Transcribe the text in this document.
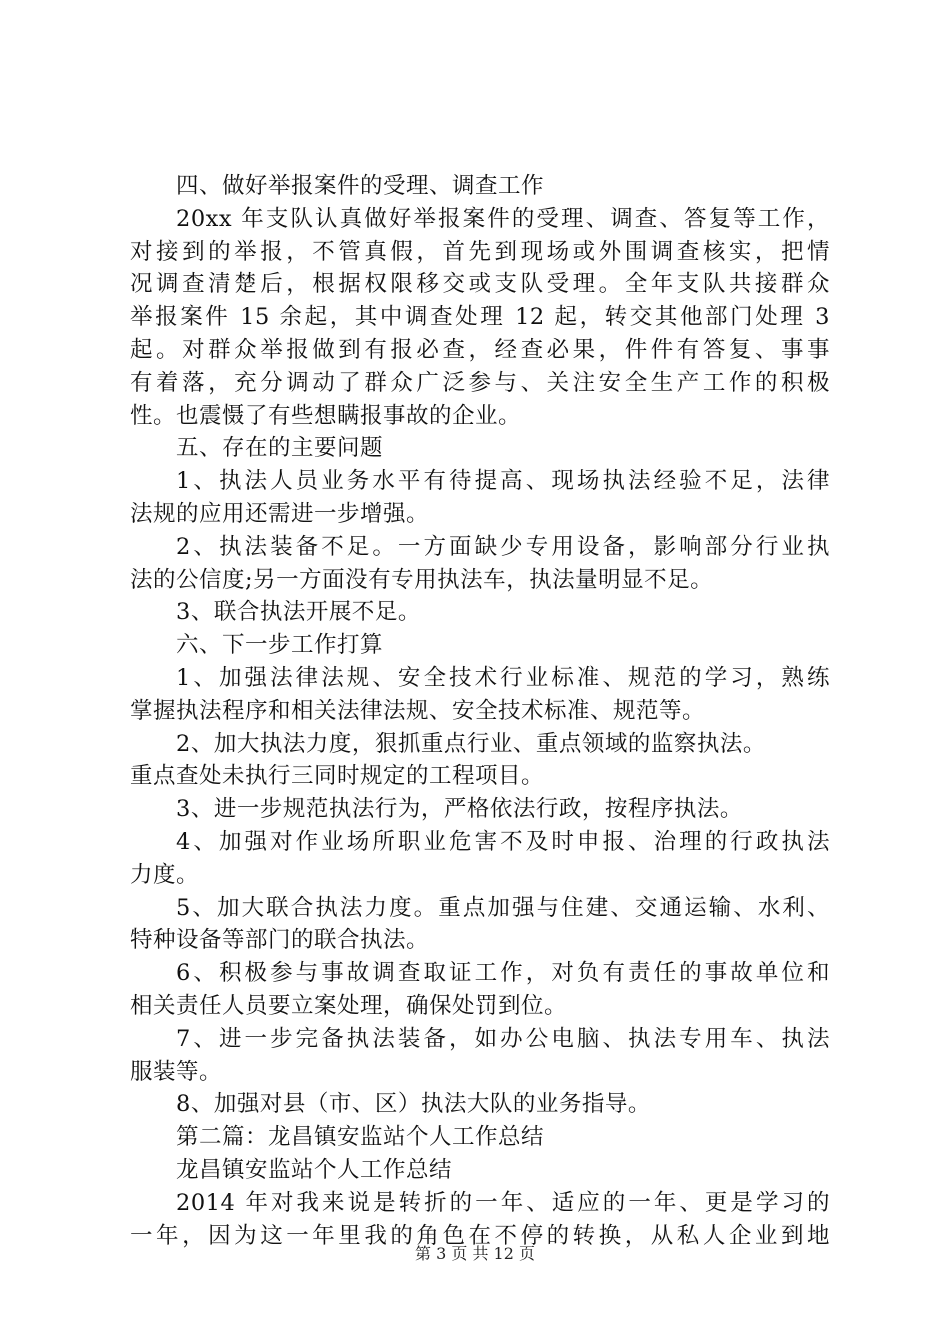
四、做好举报案件的受理、调查工作
20xx 年支队认真做好举报案件的受理、调查、答复等工作，
对接到的举报，不管真假，首先到现场或外围调查核实，把情
况调查清楚后，根据权限移交或支队受理。全年支队共接群众
举报案件 15 余起，其中调查处理 12 起，转交其他部门处理 3
起。对群众举报做到有报必查，经查必果，件件有答复、事事
有着落，充分调动了群众广泛参与、关注安全生产工作的积极
性。也震慑了有些想瞒报事故的企业。
五、存在的主要问题
1、执法人员业务水平有待提高、现场执法经验不足，法律
法规的应用还需进一步增强。
2、执法装备不足。一方面缺少专用设备，影响部分行业执
法的公信度;另一方面没有专用执法车，执法量明显不足。
3、联合执法开展不足。
六、下一步工作打算
1、加强法律法规、安全技术行业标准、规范的学习，熟练
掌握执法程序和相关法律法规、安全技术标准、规范等。
2、加大执法力度，狠抓重点行业、重点领域的监察执法。
重点查处未执行三同时规定的工程项目。
3、进一步规范执法行为，严格依法行政，按程序执法。
4、加强对作业场所职业危害不及时申报、治理的行政执法
力度。
5、加大联合执法力度。重点加强与住建、交通运输、水利、
特种设备等部门的联合执法。
6、积极参与事故调查取证工作，对负有责任的事故单位和
相关责任人员要立案处理，确保处罚到位。
7、进一步完备执法装备，如办公电脑、执法专用车、执法
服装等。
8、加强对县（市、区）执法大队的业务指导。
第二篇：龙昌镇安监站个人工作总结
龙昌镇安监站个人工作总结
2014 年对我来说是转折的一年、适应的一年、更是学习的
一年，因为这一年里我的角色在不停的转换，从私人企业到地
第 3 页 共 12 页
